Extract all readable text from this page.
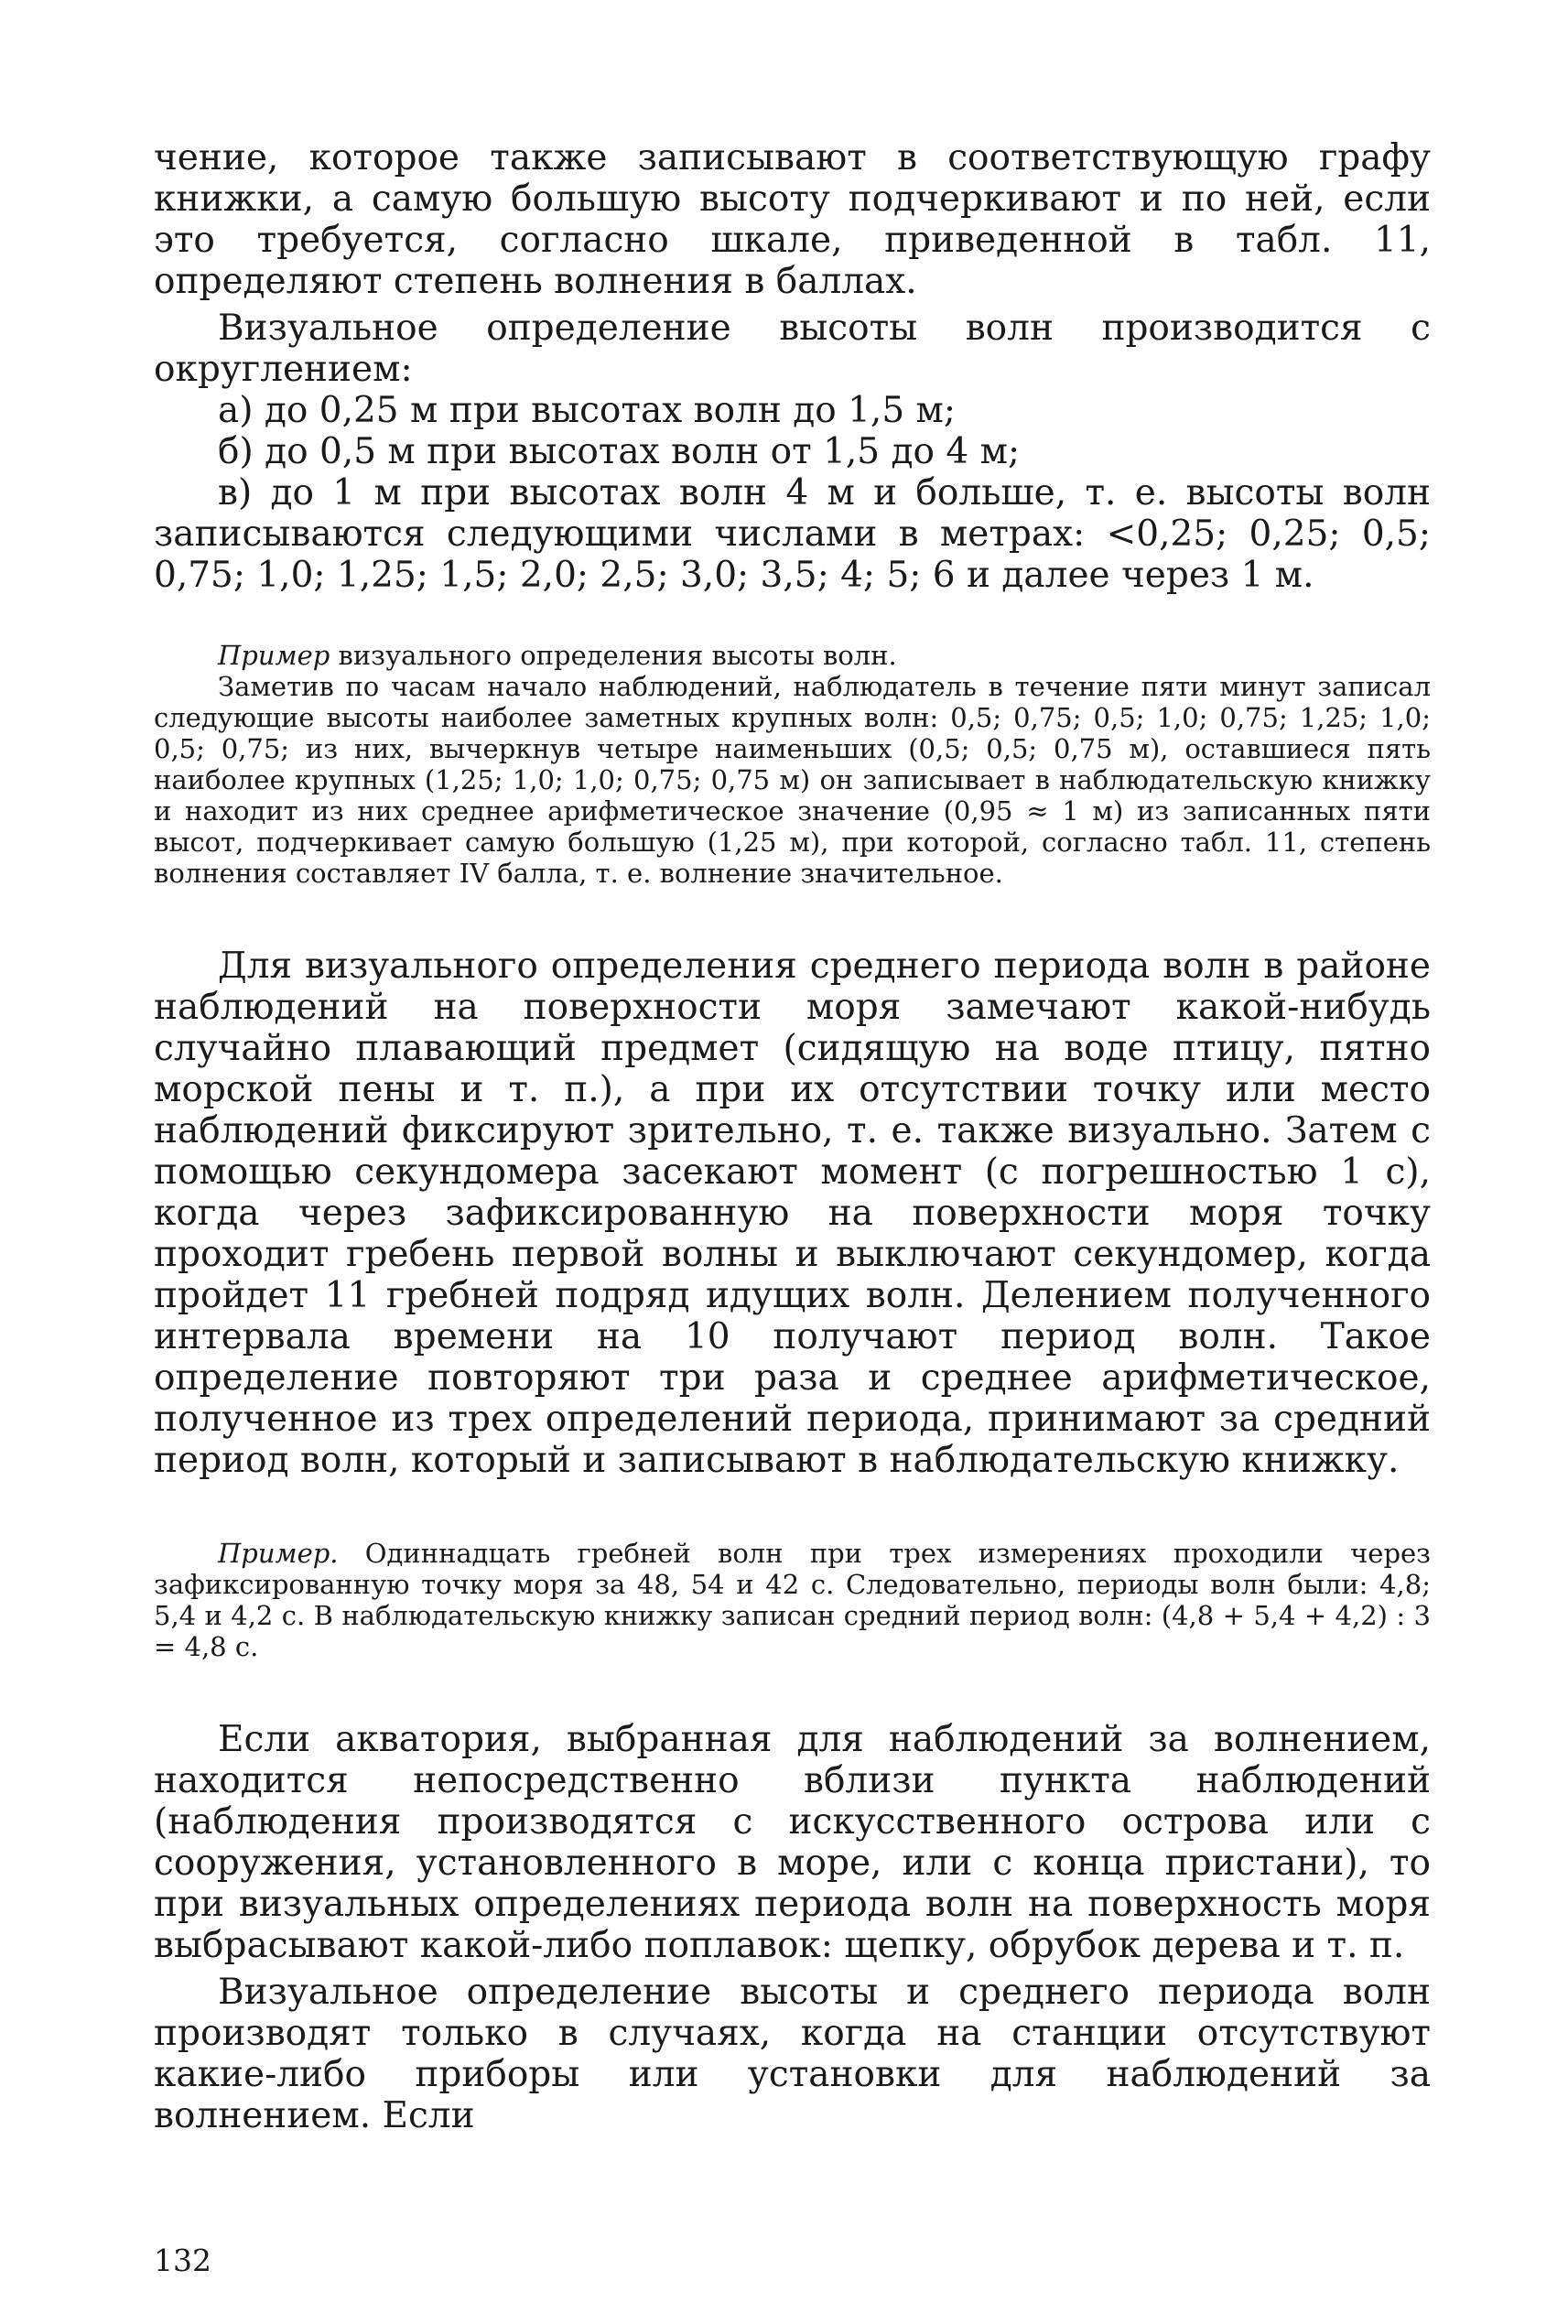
чение, которое также записывают в соответствующую графу книжки, а самую большую высоту подчеркивают и по ней, если это требуется, согласно шкале, приведенной в табл. 11, определяют степень волнения в баллах.

Визуальное определение высоты волн производится с округлением:

а) до 0,25 м при высотах волн до 1,5 м;

б) до 0,5 м при высотах волн от 1,5 до 4 м;

в) до 1 м при высотах волн 4 м и больше, т. е. высоты волн записываются следующими числами в метрах: <0,25; 0,25; 0,5; 0,75; 1,0; 1,25; 1,5; 2,0; 2,5; 3,0; 3,5; 4; 5; 6 и далее через 1 м.

Пример визуального определения высоты волн.

Заметив по часам начало наблюдений, наблюдатель в течение пяти минут записал следующие высоты наиболее заметных крупных волн: 0,5; 0,75; 0,5; 1,0; 0,75; 1,25; 1,0; 0,5; 0,75; из них, вычеркнув четыре наименьших (0,5; 0,5; 0,75 м), оставшиеся пять наиболее крупных (1,25; 1,0; 1,0; 0,75; 0,75 м) он записывает в наблюдательскую книжку и находит из них среднее арифметическое значение (0,95 ≈ 1 м) из записанных пяти высот, подчеркивает самую большую (1,25 м), при которой, согласно табл. 11, степень волнения составляет IV балла, т. е. волнение значительное.

Для визуального определения среднего периода волн в районе наблюдений на поверхности моря замечают какой-нибудь случайно плавающий предмет (сидящую на воде птицу, пятно морской пены и т. п.), а при их отсутствии точку или место наблюдений фиксируют зрительно, т. е. также визуально. Затем с помощью секундомера засекают момент (с погрешностью 1 с), когда через зафиксированную на поверхности моря точку проходит гребень первой волны и выключают секундомер, когда пройдет 11 гребней подряд идущих волн. Делением полученного интервала времени на 10 получают период волн. Такое определение повторяют три раза и среднее арифметическое, полученное из трех определений периода, принимают за средний период волн, который и записывают в наблюдательскую книжку.

Пример. Одиннадцать гребней волн при трех измерениях проходили через зафиксированную точку моря за 48, 54 и 42 с. Следовательно, периоды волн были: 4,8; 5,4 и 4,2 с. В наблюдательскую книжку записан средний период волн: (4,8 + 5,4 + 4,2) : 3 = 4,8 с.

Если акватория, выбранная для наблюдений за волнением, находится непосредственно вблизи пункта наблюдений (наблюдения производятся с искусственного острова или с сооружения, установленного в море, или с конца пристани), то при визуальных определениях периода волн на поверхность моря выбрасывают какой-либо поплавок: щепку, обрубок дерева и т. п.

Визуальное определение высоты и среднего периода волн производят только в случаях, когда на станции отсутствуют какие-либо приборы или установки для наблюдений за волнением. Если

132
